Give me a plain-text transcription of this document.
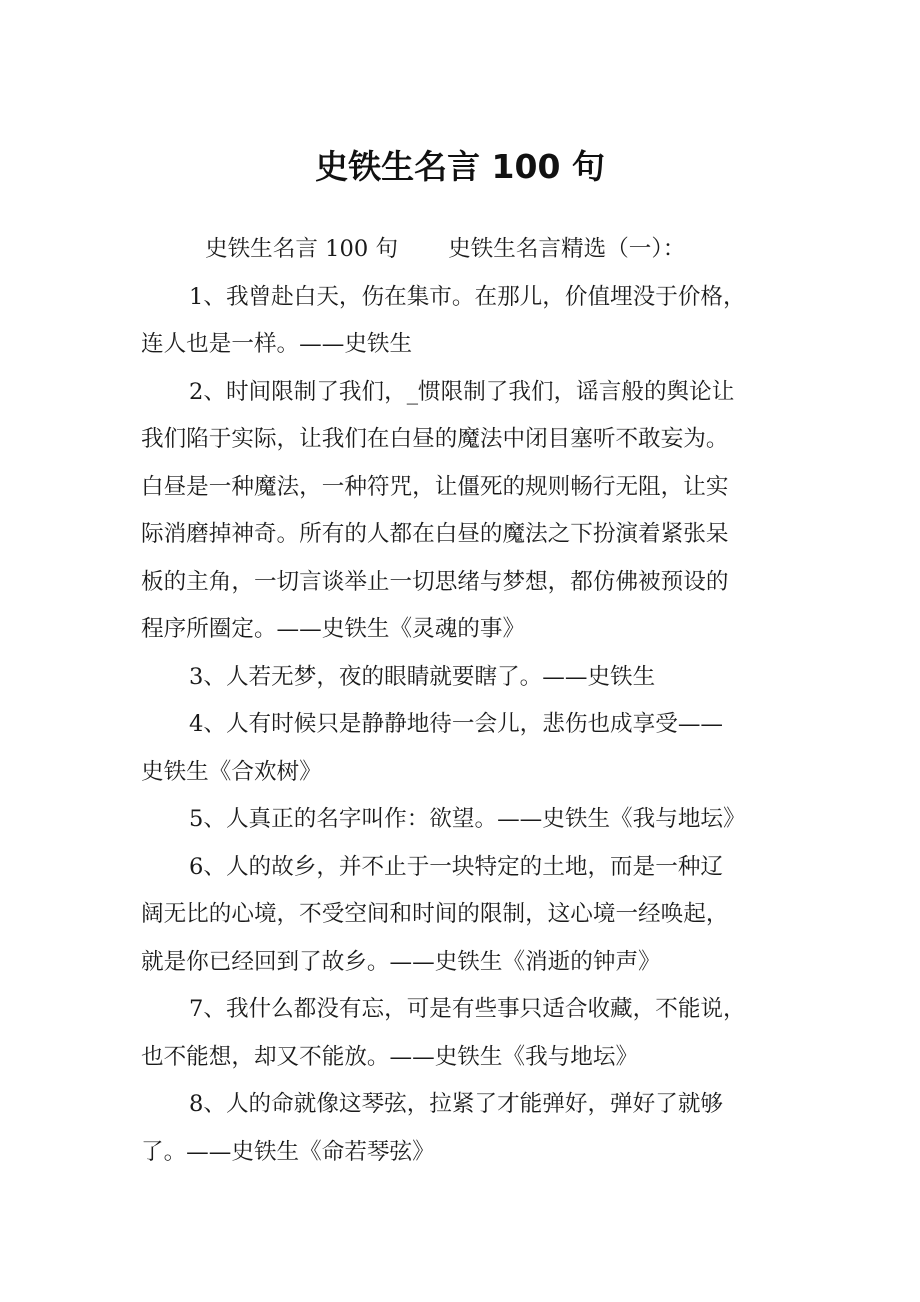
史铁生名言 100 句
史铁生名言 100 句 史铁生名言精选（一）：
1、我曾赴白天，伤在集市。在那儿，价值埋没于价格，
连人也是一样。——史铁生
2、时间限制了我们，_惯限制了我们，谣言般的舆论让
我们陷于实际，让我们在白昼的魔法中闭目塞听不敢妄为。
白昼是一种魔法，一种符咒，让僵死的规则畅行无阻，让实
际消磨掉神奇。所有的人都在白昼的魔法之下扮演着紧张呆
板的主角，一切言谈举止一切思绪与梦想，都仿佛被预设的
程序所圈定。——史铁生《灵魂的事》
3、人若无梦，夜的眼睛就要瞎了。——史铁生
4、人有时候只是静静地待一会儿，悲伤也成享受——
史铁生《合欢树》
5、人真正的名字叫作：欲望。——史铁生《我与地坛》
6、人的故乡，并不止于一块特定的土地，而是一种辽
阔无比的心境，不受空间和时间的限制，这心境一经唤起，
就是你已经回到了故乡。——史铁生《消逝的钟声》
7、我什么都没有忘，可是有些事只适合收藏，不能说，
也不能想，却又不能放。——史铁生《我与地坛》
8、人的命就像这琴弦，拉紧了才能弹好，弹好了就够
了。——史铁生《命若琴弦》
